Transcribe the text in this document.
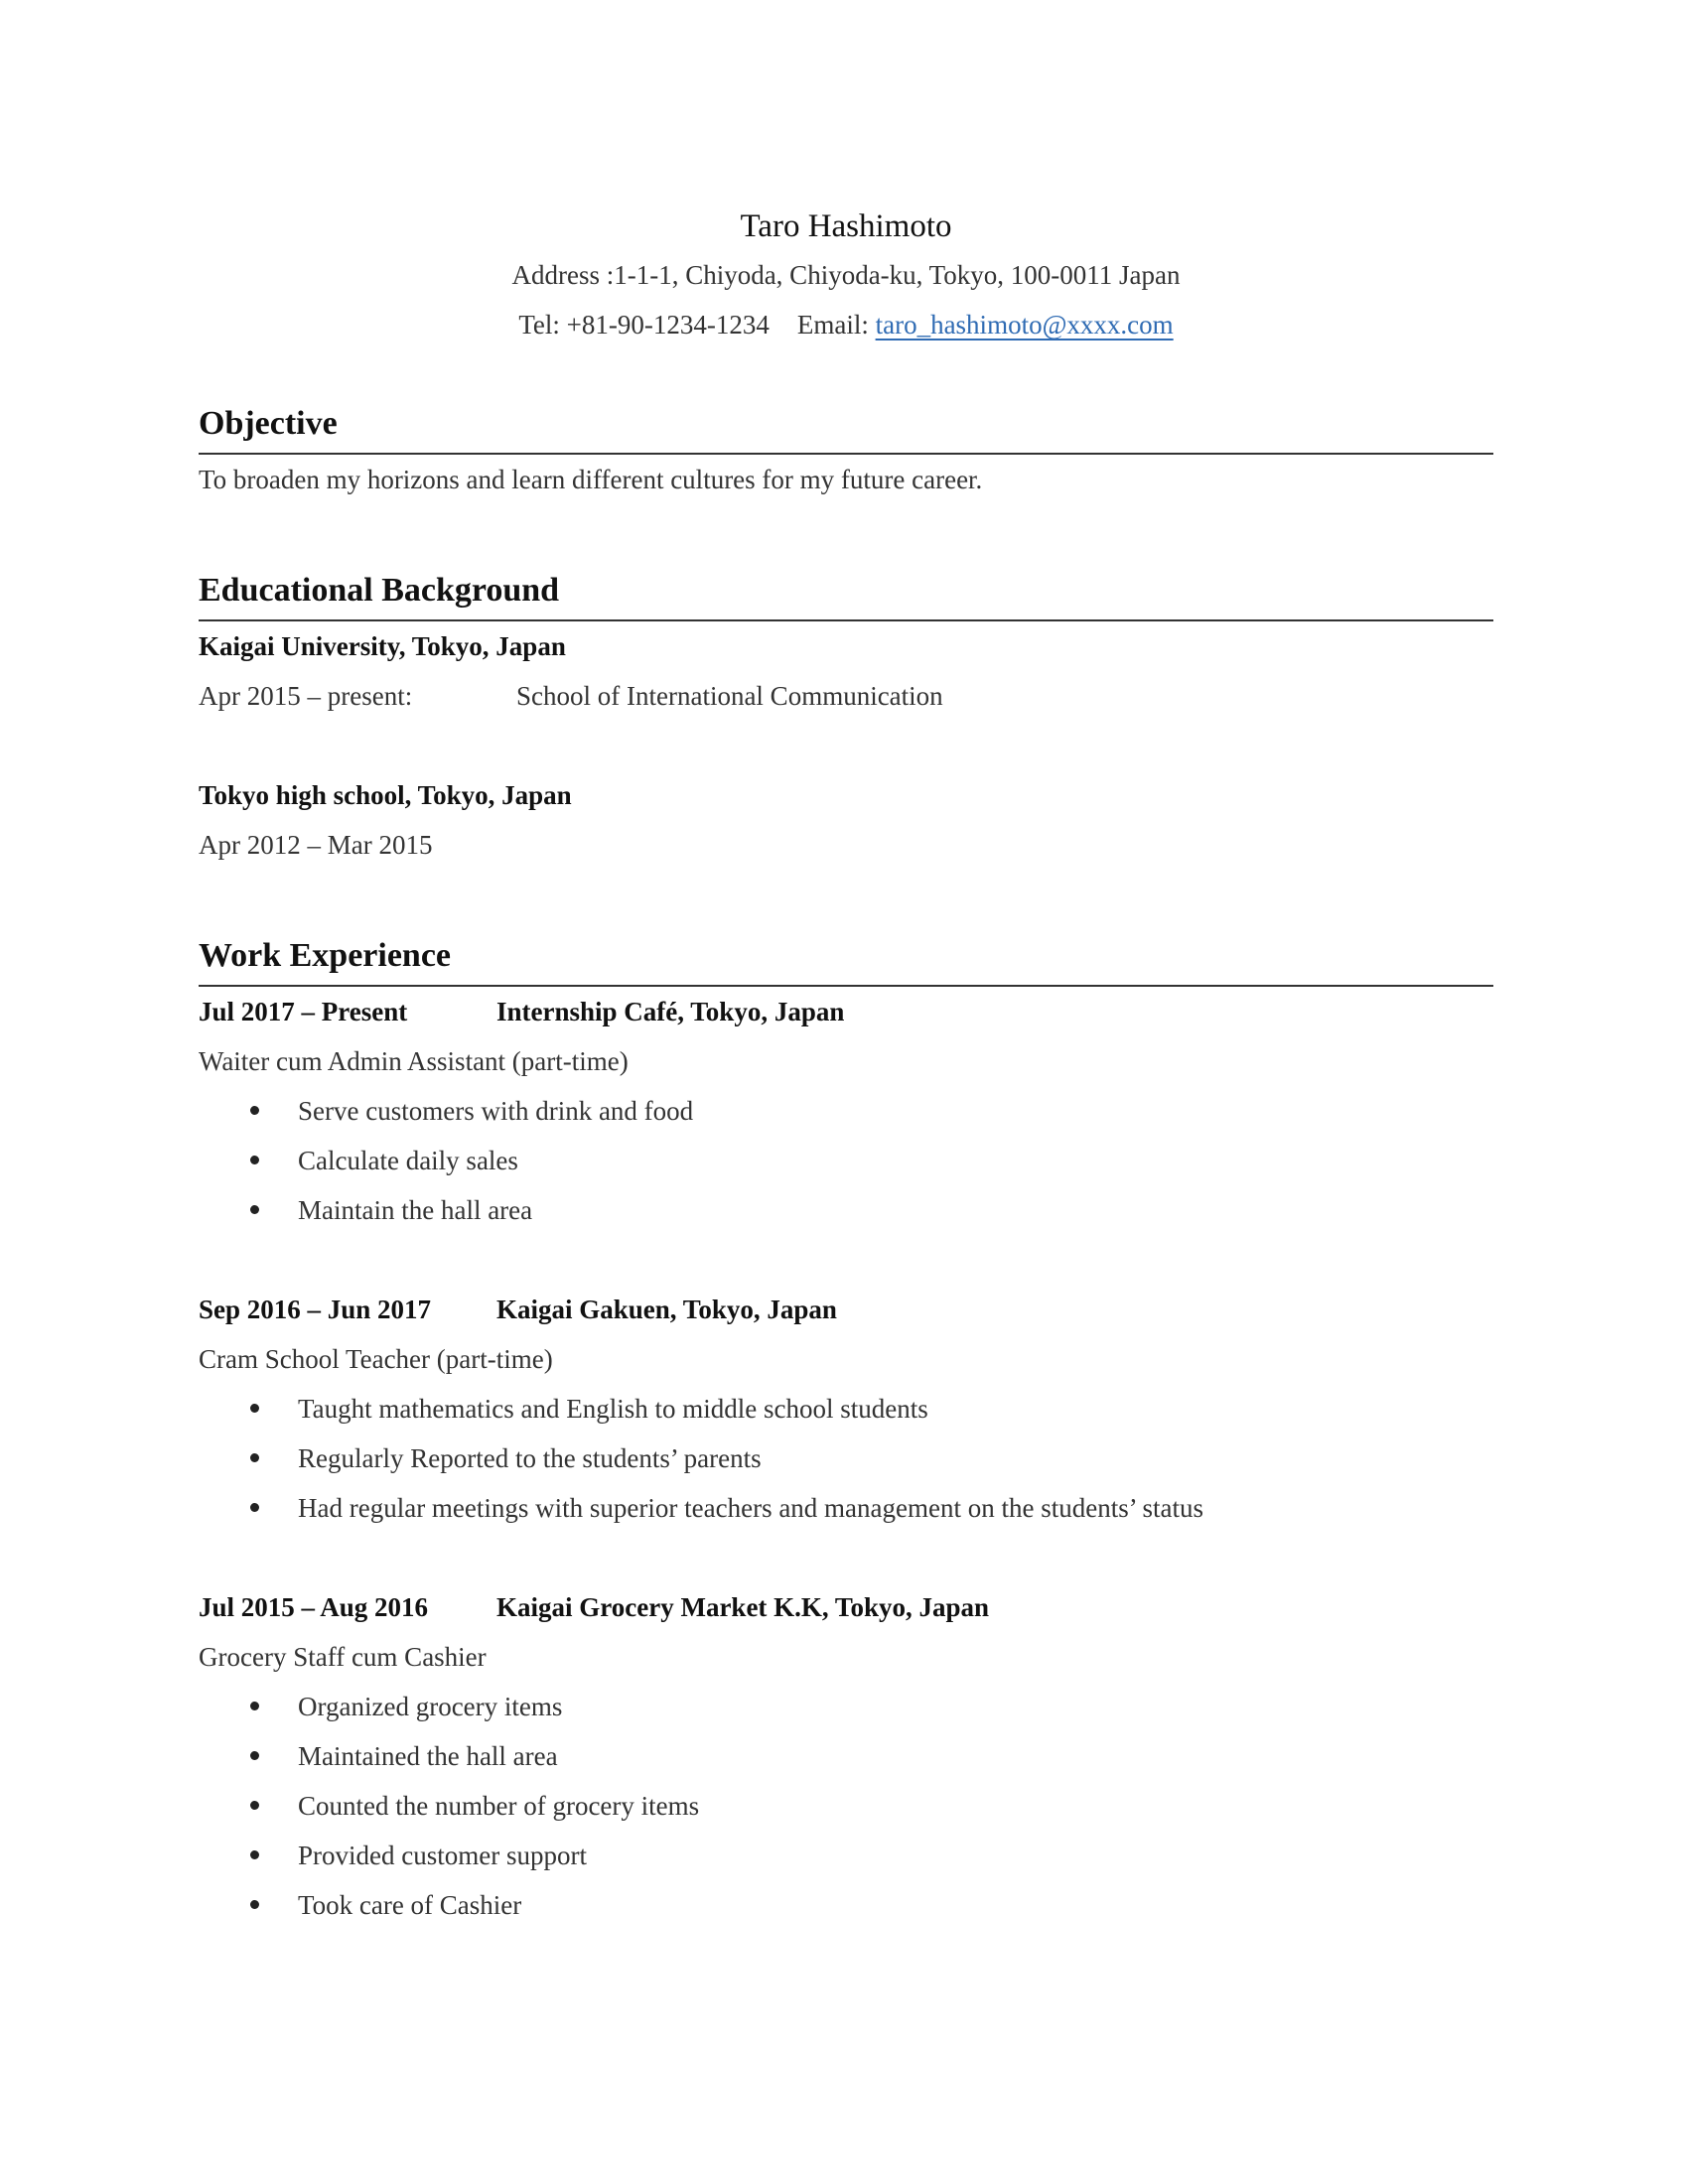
Taro Hashimoto

Address :1-1-1, Chiyoda, Chiyoda-ku, Tokyo, 100-0011 Japan

Tel: +81-90-1234-1234 Email: taro_hashimoto@xxxx.com

Objective

To broaden my horizons and learn different cultures for my future career.

Educational Background

Kaigai University, Tokyo, Japan

Apr 2015 – present:	School of International Communication

Tokyo high school, Tokyo, Japan

Apr 2012 – Mar 2015

Work Experience

Jul 2017 – Present	Internship Café, Tokyo, Japan

Waiter cum Admin Assistant (part-time)

Serve customers with drink and food
Calculate daily sales
Maintain the hall area

Sep 2016 – Jun 2017 Kaigai Gakuen, Tokyo, Japan

Cram School Teacher (part-time)

Taught mathematics and English to middle school students
Regularly Reported to the students’ parents
Had regular meetings with superior teachers and management on the students’ status

Jul 2015 – Aug 2016	Kaigai Grocery Market K.K, Tokyo, Japan

Grocery Staff cum Cashier

Organized grocery items
Maintained the hall area
Counted the number of grocery items
Provided customer support
Took care of Cashier
